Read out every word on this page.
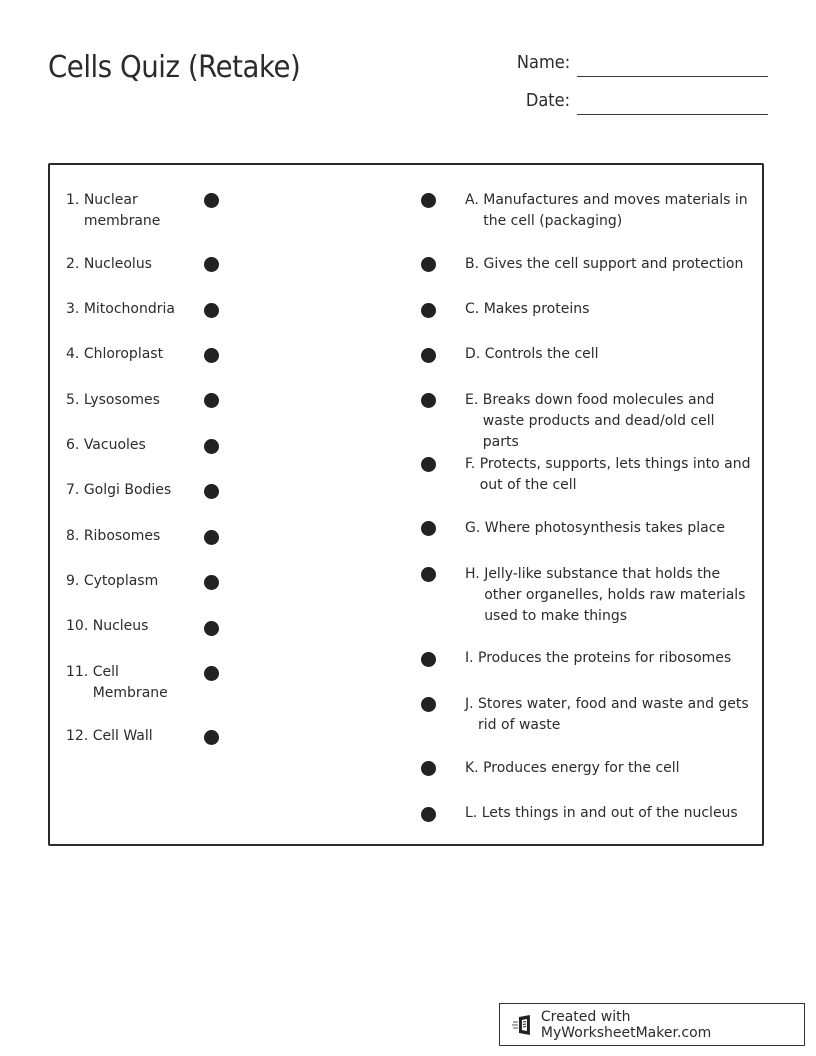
Cells Quiz (Retake)	Name:
Date:
1. Nuclear membrane
2. Nucleolus
3. Mitochondria
4. Chloroplast
5. Lysosomes
6. Vacuoles
7. Golgi Bodies
8. Ribosomes
9. Cytoplasm
10. Nucleus
11. Cell Membrane
12. Cell Wall
A. Manufactures and moves materials in the cell (packaging)
B. Gives the cell support and protection
C. Makes proteins
D. Controls the cell
E. Breaks down food molecules and waste products and dead/old cell parts
F. Protects, supports, lets things into and out of the cell
G. Where photosynthesis takes place
H. Jelly-like substance that holds the other organelles, holds raw materials used to make things
I. Produces the proteins for ribosomes
J. Stores water, food and waste and gets rid of waste
K. Produces energy for the cell
L. Lets things in and out of the nucleus
Created with MyWorksheetMaker.com
